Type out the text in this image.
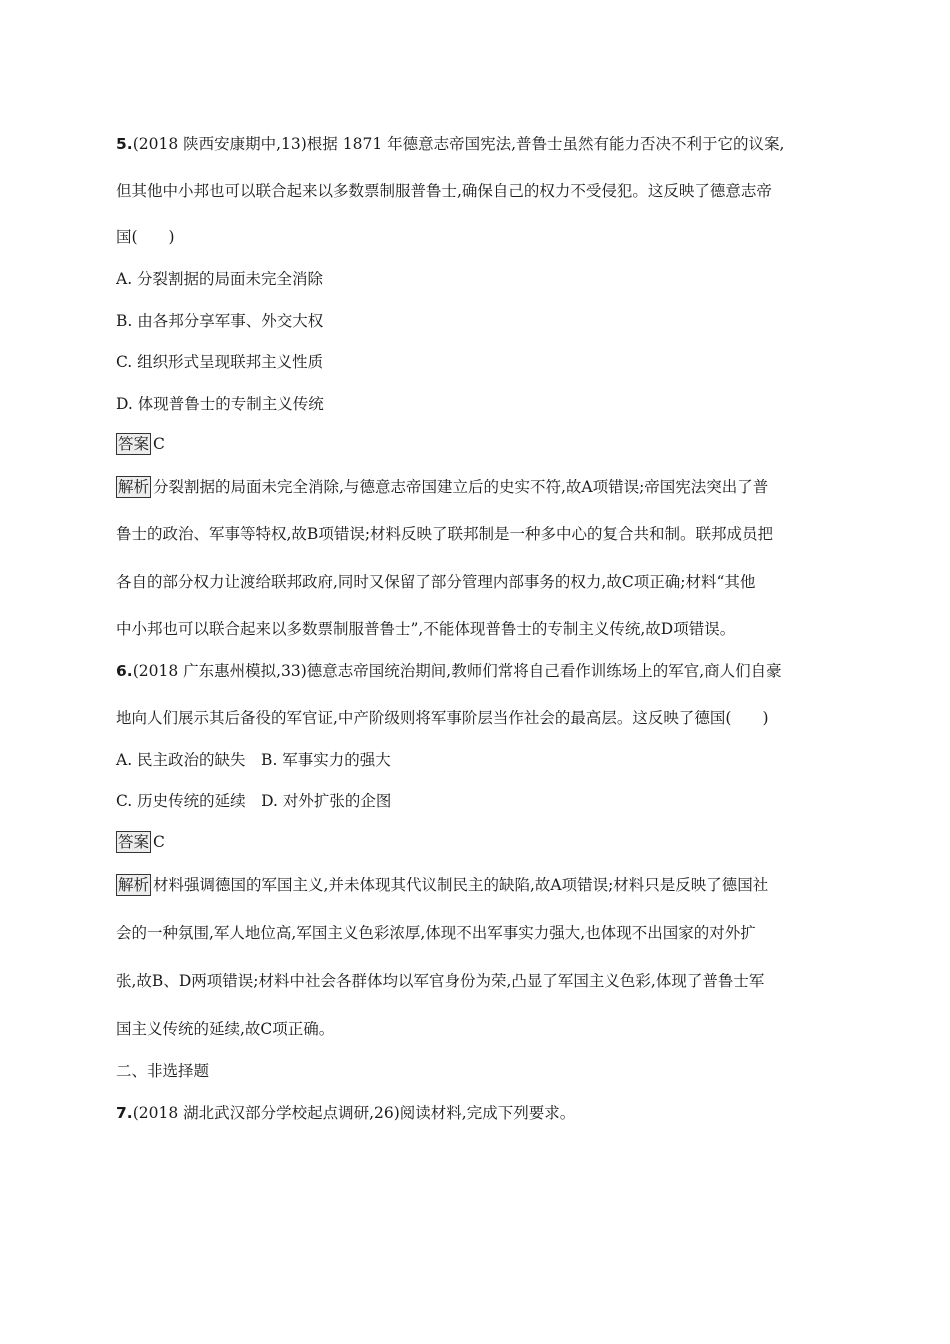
5.(2018 陕西安康期中,13)根据 1871 年德意志帝国宪法,普鲁士虽然有能力否决不利于它的议案,
但其他中小邦也可以联合起来以多数票制服普鲁士,确保自己的权力不受侵犯。这反映了德意志帝
国(　　)
A. 分裂割据的局面未完全消除
B. 由各邦分享军事、外交大权
C. 组织形式呈现联邦主义性质
D. 体现普鲁士的专制主义传统
答案 C
解析 分裂割据的局面未完全消除,与德意志帝国建立后的史实不符,故A项错误;帝国宪法突出了普
鲁士的政治、军事等特权,故B项错误;材料反映了联邦制是一种多中心的复合共和制。联邦成员把
各自的部分权力让渡给联邦政府,同时又保留了部分管理内部事务的权力,故C项正确;材料“其他
中小邦也可以联合起来以多数票制服普鲁士”,不能体现普鲁士的专制主义传统,故D项错误。
6.(2018 广东惠州模拟,33)德意志帝国统治期间,教师们常将自己看作训练场上的军官,商人们自豪
地向人们展示其后备役的军官证,中产阶级则将军事阶层当作社会的最高层。这反映了德国(　　)
A. 民主政治的缺失　B. 军事实力的强大
C. 历史传统的延续　D. 对外扩张的企图
答案 C
解析 材料强调德国的军国主义,并未体现其代议制民主的缺陷,故A项错误;材料只是反映了德国社
会的一种氛围,军人地位高,军国主义色彩浓厚,体现不出军事实力强大,也体现不出国家的对外扩
张,故B、D两项错误;材料中社会各群体均以军官身份为荣,凸显了军国主义色彩,体现了普鲁士军
国主义传统的延续,故C项正确。
二、非选择题
7.(2018 湖北武汉部分学校起点调研,26)阅读材料,完成下列要求。
